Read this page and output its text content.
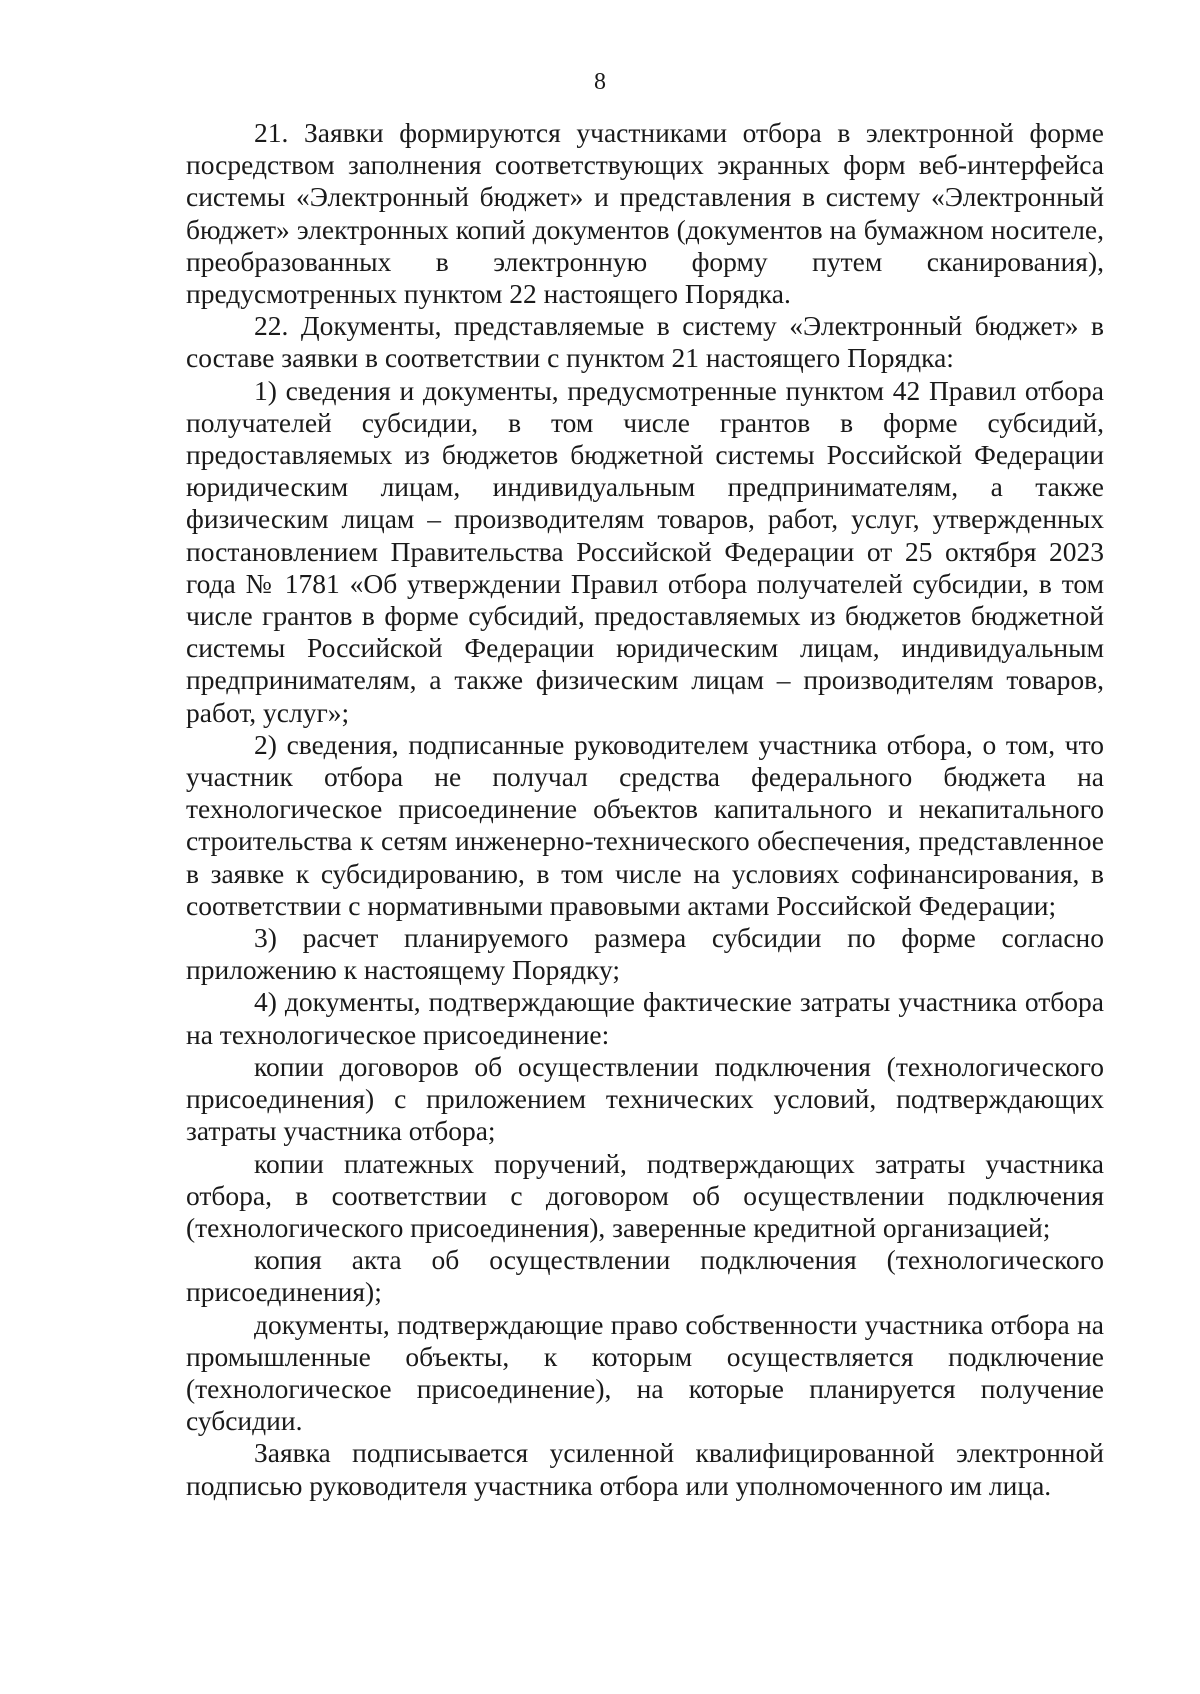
8

21. Заявки формируются участниками отбора в электронной форме посредством заполнения соответствующих экранных форм веб-интерфейса системы «Электронный бюджет» и представления в систему «Электронный бюджет» электронных копий документов (документов на бумажном носителе, преобразованных в электронную форму путем сканирования), предусмотренных пунктом 22 настоящего Порядка.

22. Документы, представляемые в систему «Электронный бюджет» в составе заявки в соответствии с пунктом 21 настоящего Порядка:

1) сведения и документы, предусмотренные пунктом 42 Правил отбора получателей субсидии, в том числе грантов в форме субсидий, предоставляемых из бюджетов бюджетной системы Российской Федерации юридическим лицам, индивидуальным предпринимателям, а также физическим лицам – производителям товаров, работ, услуг, утвержденных постановлением Правительства Российской Федерации от 25 октября 2023 года № 1781 «Об утверждении Правил отбора получателей субсидии, в том числе грантов в форме субсидий, предоставляемых из бюджетов бюджетной системы Российской Федерации юридическим лицам, индивидуальным предпринимателям, а также физическим лицам – производителям товаров, работ, услуг»;

2) сведения, подписанные руководителем участника отбора, о том, что участник отбора не получал средства федерального бюджета на технологическое присоединение объектов капитального и некапитального строительства к сетям инженерно-технического обеспечения, представленное в заявке к субсидированию, в том числе на условиях софинансирования, в соответствии с нормативными правовыми актами Российской Федерации;

3) расчет планируемого размера субсидии по форме согласно приложению к настоящему Порядку;

4) документы, подтверждающие фактические затраты участника отбора на технологическое присоединение:

копии договоров об осуществлении подключения (технологического присоединения) с приложением технических условий, подтверждающих затраты участника отбора;

копии платежных поручений, подтверждающих затраты участника отбора, в соответствии с договором об осуществлении подключения (технологического присоединения), заверенные кредитной организацией;

копия акта об осуществлении подключения (технологического присоединения);

документы, подтверждающие право собственности участника отбора на промышленные объекты, к которым осуществляется подключение (технологическое присоединение), на которые планируется получение субсидии.

Заявка подписывается усиленной квалифицированной электронной подписью руководителя участника отбора или уполномоченного им лица.
